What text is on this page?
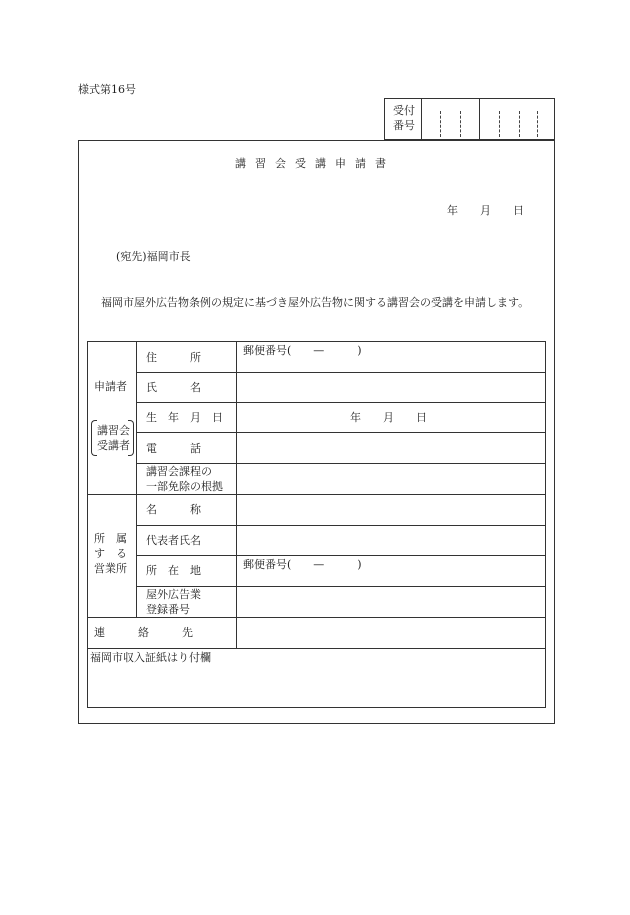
様式第16号
受付
番号
講習会受講申請書
年　　月　　日
(宛先)福岡市長
福岡市屋外広告物条例の規定に基づき屋外広告物に関する講習会の受講を申請します。
申請者
講習会
受講者
住　　　所
郵便番号(　　—　　　)
氏　　　名
生　年　月　日	年　　月　　日
電　　　話
講習会課程の
一部免除の根拠
所　属
す　る
営業所
名　　　称
代表者氏名
所　在　地	郵便番号(　　—　　　)
屋外広告業
登録番号
連　　　絡　　　先
福岡市収入証紙はり付欄
